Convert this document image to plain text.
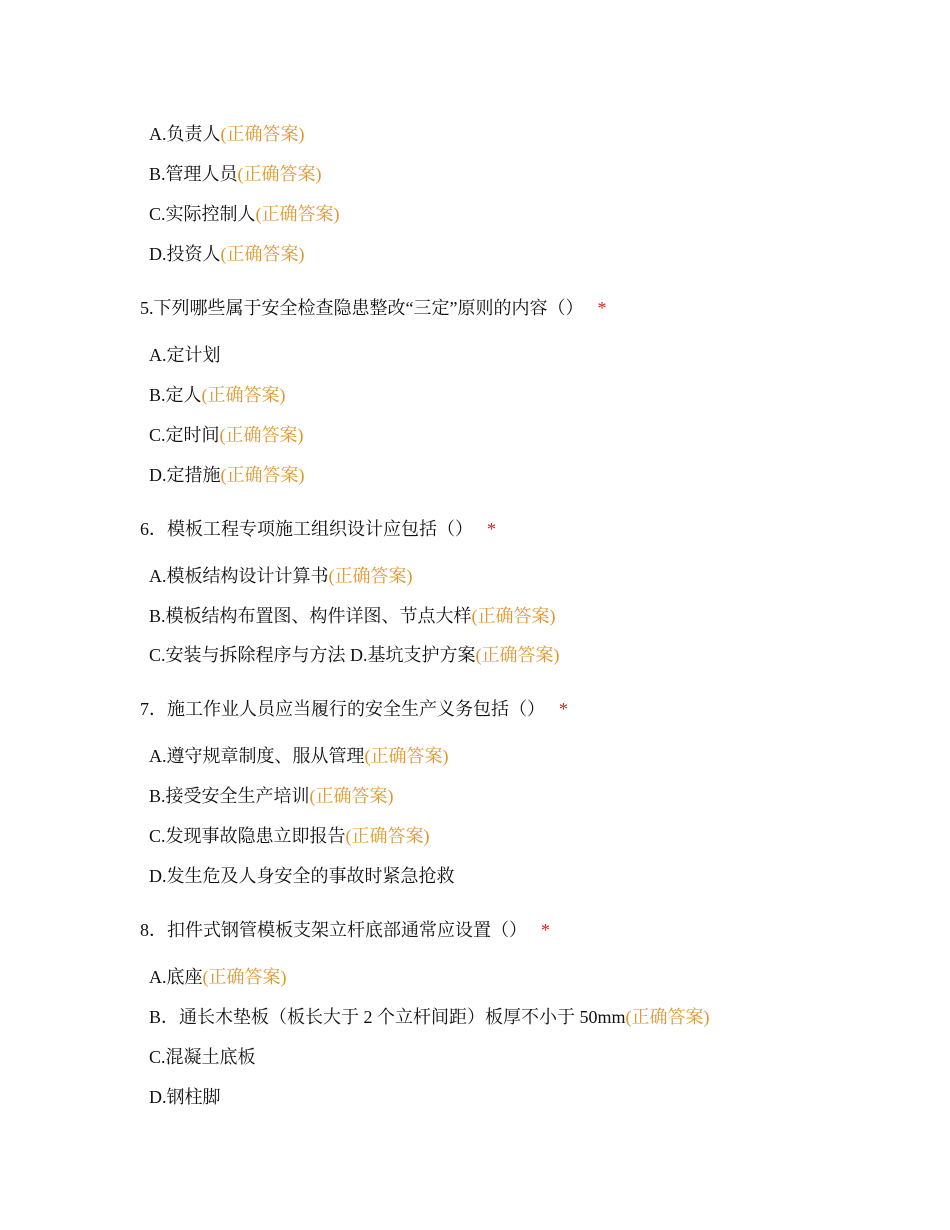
A.负责人(正确答案)
B.管理人员(正确答案)
C.实际控制人(正确答案)
D.投资人(正确答案)
5.下列哪些属于安全检查隐患整改“三定”原则的内容（） *
A.定计划
B.定人(正确答案)
C.定时间(正确答案)
D.定措施(正确答案)
6．模板工程专项施工组织设计应包括（） *
A.模板结构设计计算书(正确答案)
B.模板结构布置图、构件详图、节点大样(正确答案)
C.安装与拆除程序与方法 D.基坑支护方案(正确答案)
7．施工作业人员应当履行的安全生产义务包括（） *
A.遵守规章制度、服从管理(正确答案)
B.接受安全生产培训(正确答案)
C.发现事故隐患立即报告(正确答案)
D.发生危及人身安全的事故时紧急抢救
8．扣件式钢管模板支架立杆底部通常应设置（） *
A.底座(正确答案)
B．通长木垫板（板长大于 2 个立杆间距）板厚不小于 50mm(正确答案)
C.混凝土底板
D.钢柱脚
